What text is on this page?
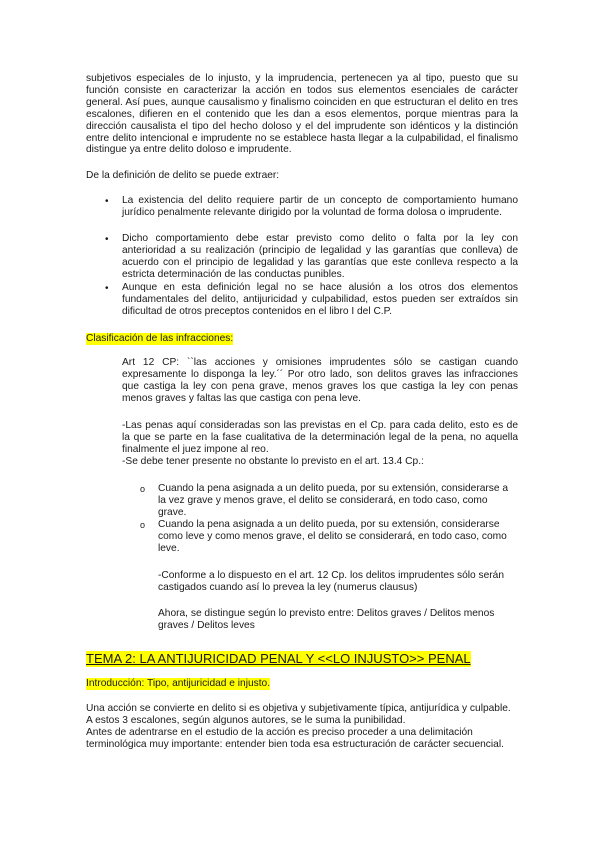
subjetivos especiales de lo injusto, y la imprudencia, pertenecen ya al tipo, puesto que su función consiste en caracterizar la acción en todos sus elementos esenciales de carácter general. Así pues, aunque causalismo y finalismo coinciden en que estructuran el delito en tres escalones, difieren en el contenido que les dan a esos elementos, porque mientras para la dirección causalista el tipo del hecho doloso y el del imprudente son idénticos y la distinción entre delito intencional e imprudente no se establece hasta llegar a la culpabilidad, el finalismo distingue ya entre delito doloso e imprudente.

De la definición de delito se puede extraer:

• La existencia del delito requiere partir de un concepto de comportamiento humano jurídico penalmente relevante dirigido por la voluntad de forma dolosa o imprudente.

• Dicho comportamiento debe estar previsto como delito o falta por la ley con anterioridad a su realización (principio de legalidad y las garantías que conlleva) de acuerdo con el principio de legalidad y las garantías que este conlleva respecto a la estricta determinación de las conductas punibles.

• Aunque en esta definición legal no se hace alusión a los otros dos elementos fundamentales del delito, antijuricidad y culpabilidad, estos pueden ser extraídos sin dificultad de otros preceptos contenidos en el libro I del C.P.

Clasificación de las infracciones:

Art 12 CP: ``las acciones y omisiones imprudentes sólo se castigan cuando expresamente lo disponga la ley.´´ Por otro lado, son delitos graves las infracciones que castiga la ley con pena grave, menos graves los que castiga la ley con penas menos graves y faltas las que castiga con pena leve.

-Las penas aquí consideradas son las previstas en el Cp. para cada delito, esto es de la que se parte en la fase cualitativa de la determinación legal de la pena, no aquella finalmente el juez impone al reo.

-Se debe tener presente no obstante lo previsto en el art. 13.4 Cp.:

o Cuando la pena asignada a un delito pueda, por su extensión, considerarse a la vez grave y menos grave, el delito se considerará, en todo caso, como grave.

o Cuando la pena asignada a un delito pueda, por su extensión, considerarse como leve y como menos grave, el delito se considerará, en todo caso, como leve.

-Conforme a lo dispuesto en el art. 12 Cp. los delitos imprudentes sólo serán castigados cuando así lo prevea la ley (numerus clausus)

Ahora, se distingue según lo previsto entre: Delitos graves / Delitos menos graves / Delitos leves

TEMA 2: LA ANTIJURICIDAD PENAL Y <<LO INJUSTO>> PENAL
Introducción: Tipo, antijuricidad e injusto.

Una acción se convierte en delito si es objetiva y subjetivamente típica, antijurídica y culpable. A estos 3 escalones, según algunos autores, se le suma la punibilidad.

Antes de adentrarse en el estudio de la acción es preciso proceder a una delimitación terminológica muy importante: entender bien toda esa estructuración de carácter secuencial.
